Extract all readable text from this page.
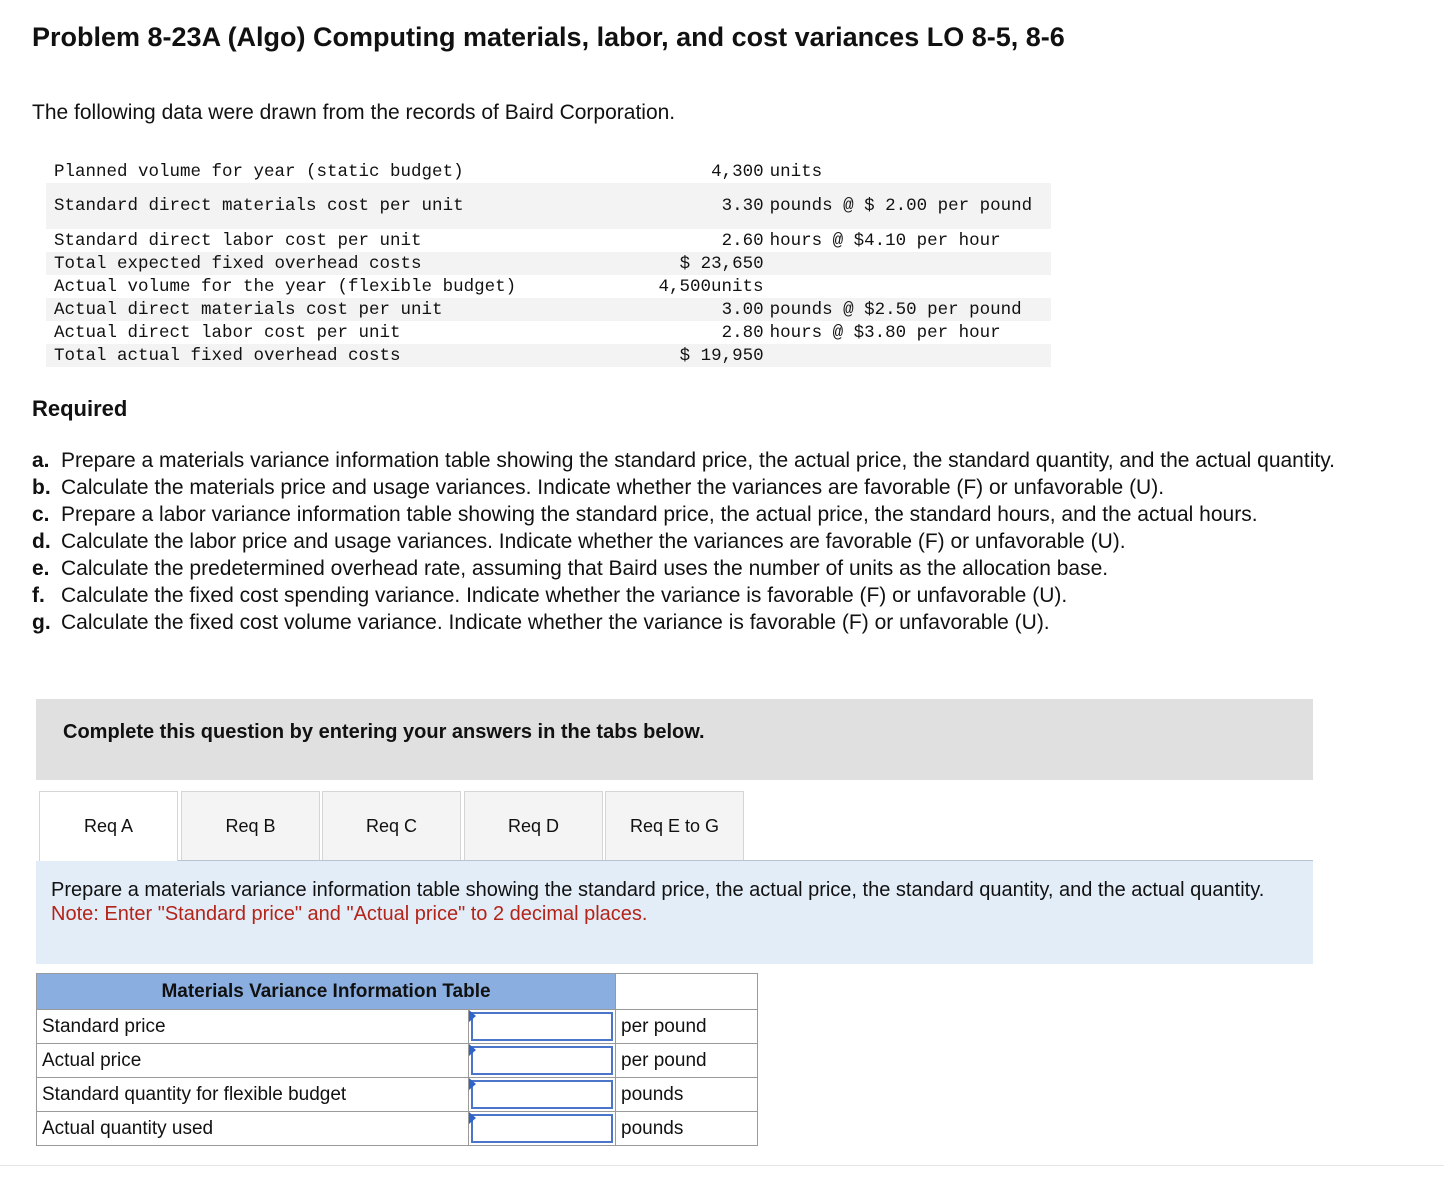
Problem 8-23A (Algo) Computing materials, labor, and cost variances LO 8-5, 8-6

The following data were drawn from the records of Baird Corporation.

Planned volume for year (static budget)	4,300	units
Standard direct materials cost per unit	3.30	pounds @ $ 2.00 per pound
Standard direct labor cost per unit	2.60	hours @ $4.10 per hour
Total expected fixed overhead costs	$ 23,650	
Actual volume for the year (flexible budget)	4,500units	
Actual direct materials cost per unit	3.00	pounds @ $2.50 per pound
Actual direct labor cost per unit	2.80	hours @ $3.80 per hour
Total actual fixed overhead costs	$ 19,950	
Required
a. Prepare a materials variance information table showing the standard price, the actual price, the standard quantity, and the actual quantity.
b. Calculate the materials price and usage variances. Indicate whether the variances are favorable (F) or unfavorable (U).
c. Prepare a labor variance information table showing the standard price, the actual price, the standard hours, and the actual hours.
d. Calculate the labor price and usage variances. Indicate whether the variances are favorable (F) or unfavorable (U).
e. Calculate the predetermined overhead rate, assuming that Baird uses the number of units as the allocation base.
f. Calculate the fixed cost spending variance. Indicate whether the variance is favorable (F) or unfavorable (U).
g. Calculate the fixed cost volume variance. Indicate whether the variance is favorable (F) or unfavorable (U).

Complete this question by entering your answers in the tabs below.

Req A	Req B	Req C	Req D	Req E to G

Prepare a materials variance information table showing the standard price, the actual price, the standard quantity, and the actual quantity.
Note: Enter "Standard price" and "Actual price" to 2 decimal places.

Materials Variance Information Table		
Standard price		per pound
Actual price		per pound
Standard quantity for flexible budget		pounds
Actual quantity used		pounds
